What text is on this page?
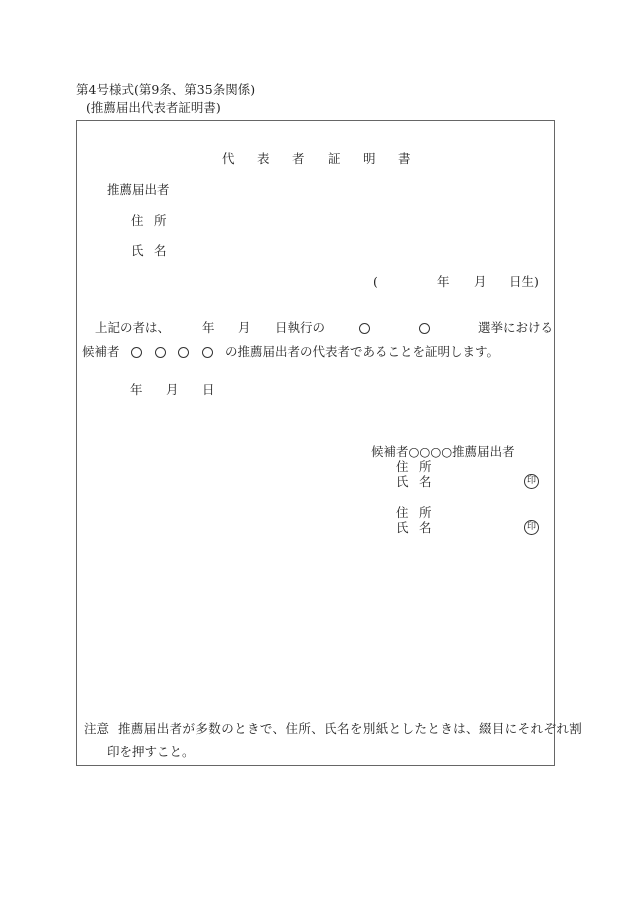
第4号様式(第9条、第35条関係)
(推薦届出代表者証明書)
代 表 者 証 明 書
推薦届出者
住 所
氏 名
(	年 月 日生)
上記の者は、	年 月 日執行の	選挙における
候補者	の推薦届出者の代表者であることを証明します。
年 月 日
候補者○○○○推薦届出者
住 所
氏 名	印
住 所
氏 名	印
注意 推薦届出者が多数のときで、住所、氏名を別紙としたときは、綴目にそれぞれ割
印を押すこと。
